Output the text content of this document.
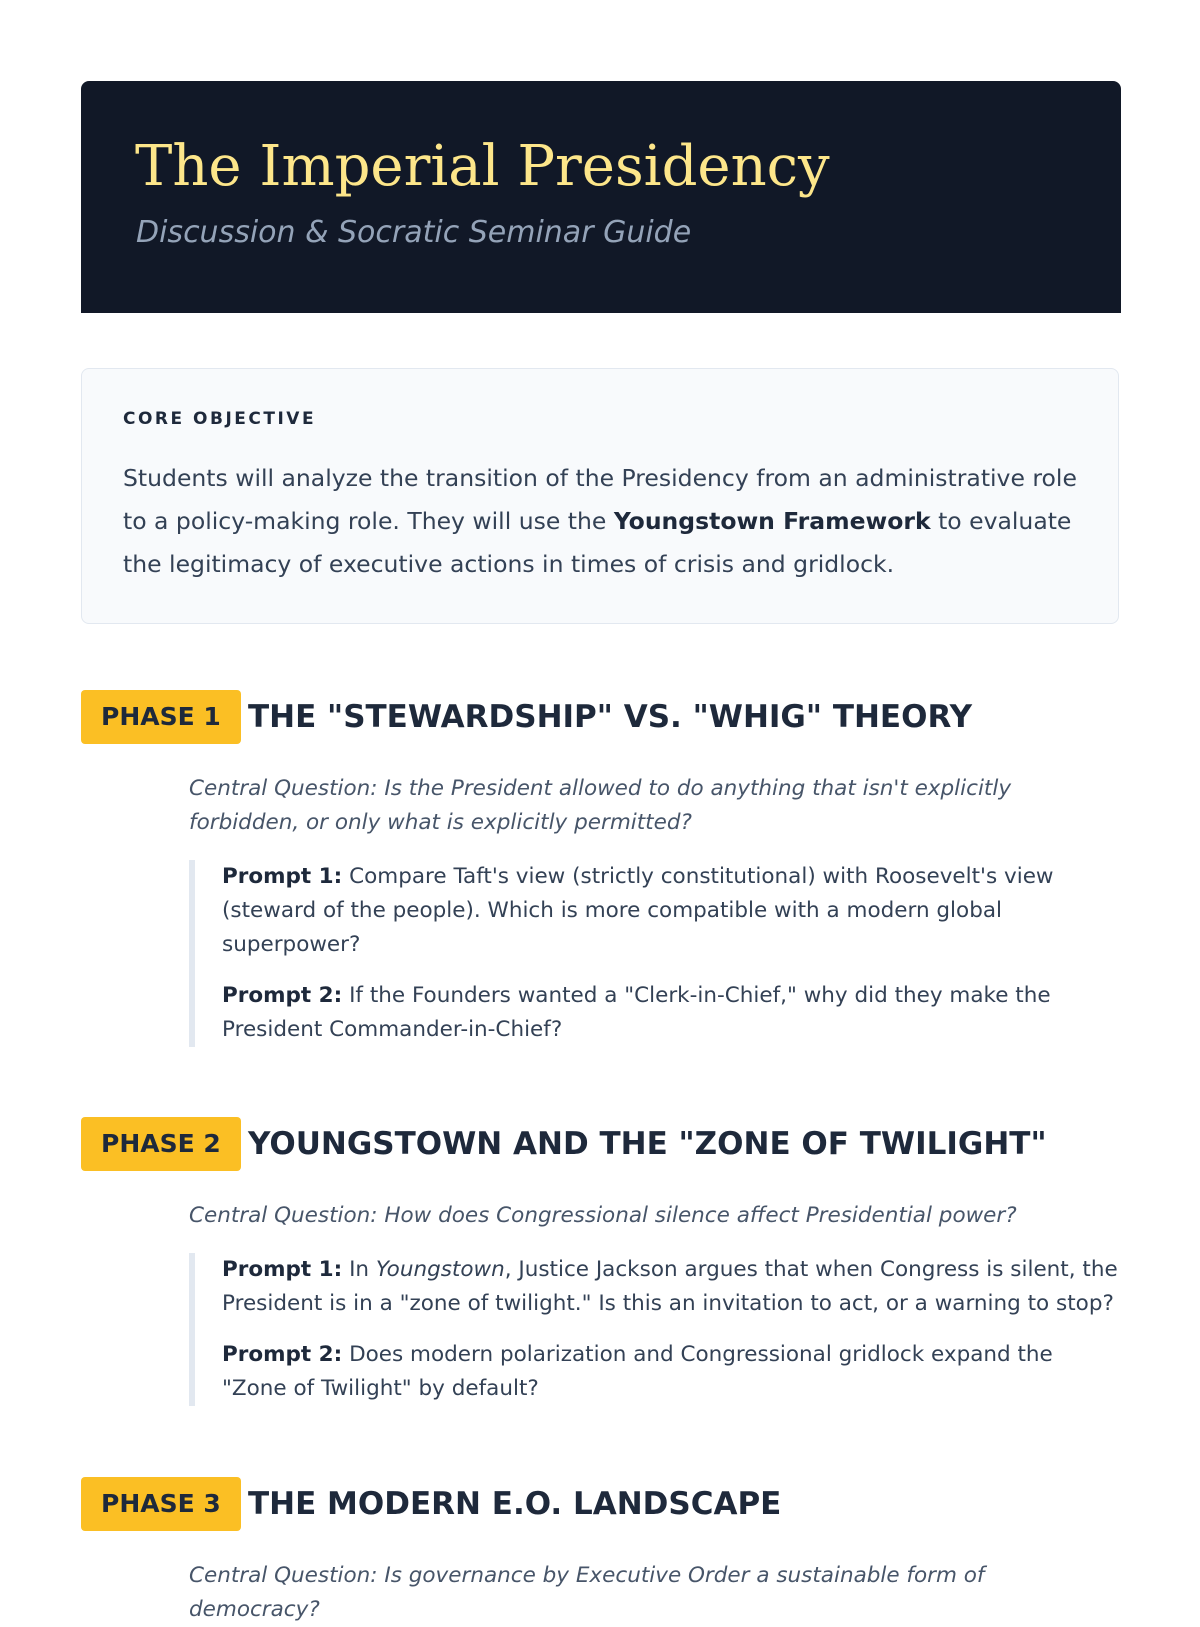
The Imperial Presidency

Discussion & Socratic Seminar Guide

CORE OBJECTIVE

Students will analyze the transition of the Presidency from an administrative role to a policy-making role. They will use the Youngstown Framework to evaluate the legitimacy of executive actions in times of crisis and gridlock.

PHASE 1 THE "STEWARDSHIP" VS. "WHIG" THEORY
Central Question: Is the President allowed to do anything that isn't explicitly forbidden, or only what is explicitly permitted?

Prompt 1: Compare Taft's view (strictly constitutional) with Roosevelt's view (steward of the people). Which is more compatible with a modern global superpower?

Prompt 2: If the Founders wanted a "Clerk-in-Chief," why did they make the President Commander-in-Chief?

PHASE 2 YOUNGSTOWN AND THE "ZONE OF TWILIGHT"
Central Question: How does Congressional silence affect Presidential power?

Prompt 1: In Youngstown, Justice Jackson argues that when Congress is silent, the President is in a "zone of twilight." Is this an invitation to act, or a warning to stop?

Prompt 2: Does modern polarization and Congressional gridlock expand the "Zone of Twilight" by default?

PHASE 3 THE MODERN E.O. LANDSCAPE
Central Question: Is governance by Executive Order a sustainable form of democracy?
